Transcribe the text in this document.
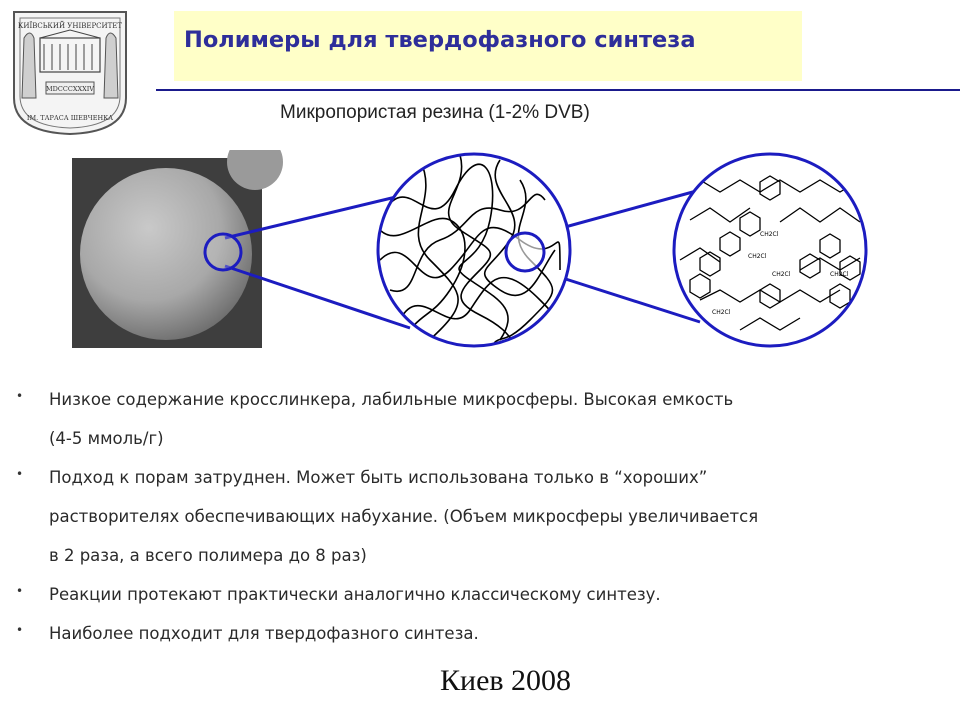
КИЇВСЬКИЙ УНІВЕРСИТЕТ
MDCCCXXXIV
ІМ. ТАРАСА ШЕВЧЕНКА
Полимеры для твердофазного синтеза
Микропористая резина (1-2% DVB)
CH2Cl
CH2Cl
CH2Cl	CH2Cl
CH2Cl
• Низкое содержание кросслинкера, лабильные микросферы. Высокая емкость
(4-5 ммоль/г)
• Подход к порам затруднен. Может быть использована только в “хороших”
растворителях обеспечивающих набухание. (Объем микросферы увеличивается
в 2 раза, а всего полимера до 8 раз)
• Реакции протекают практически аналогично классическому синтезу.
• Наиболее подходит для твердофазного синтеза.
Киев 2008
